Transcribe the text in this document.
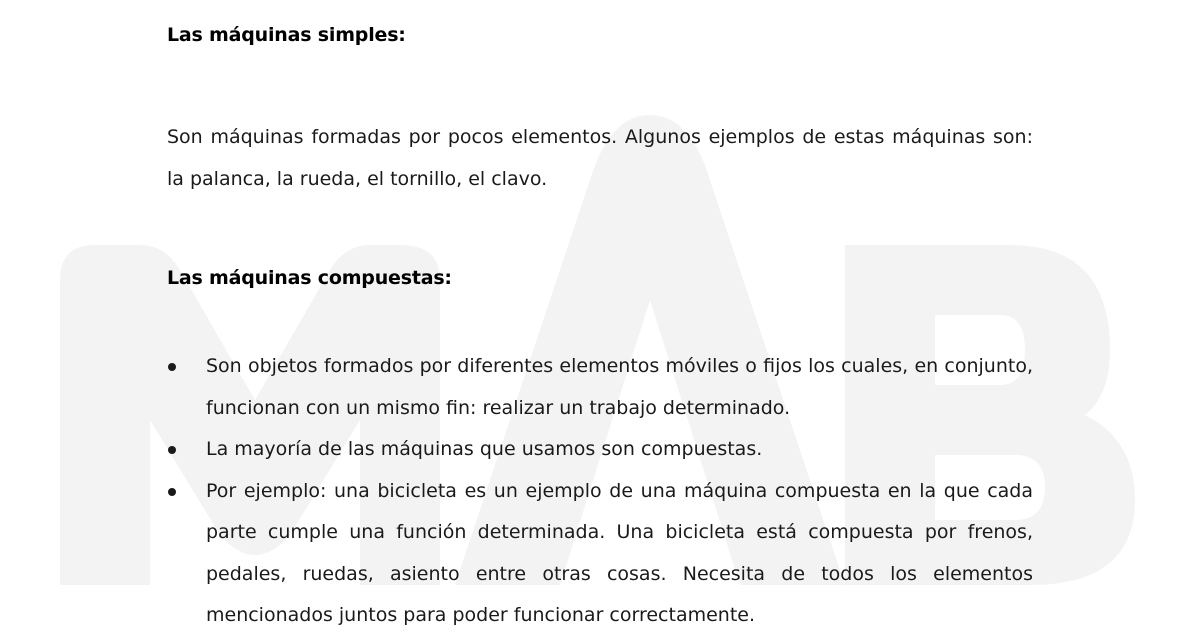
Las máquinas simples:

Son máquinas formadas por pocos elementos. Algunos ejemplos de estas máquinas son: la palanca, la rueda, el tornillo, el clavo.

Las máquinas compuestas:
Son objetos formados por diferentes elementos móviles o fijos los cuales, en conjunto, funcionan con un mismo fin: realizar un trabajo determinado.
La mayoría de las máquinas que usamos son compuestas.
Por ejemplo: una bicicleta es un ejemplo de una máquina compuesta en la que cada parte cumple una función determinada. Una bicicleta está compuesta por frenos, pedales, ruedas, asiento entre otras cosas. Necesita de todos los elementos mencionados juntos para poder funcionar correctamente.
